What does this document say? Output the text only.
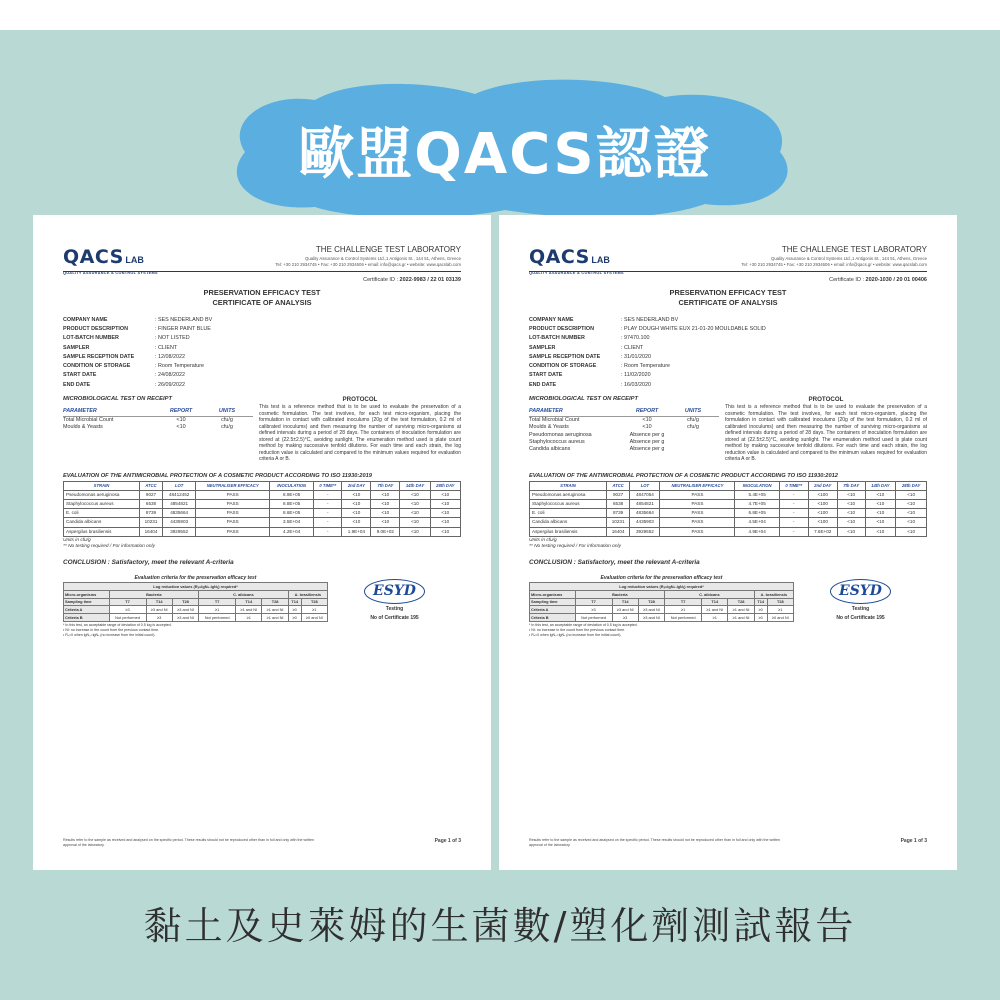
歐盟QACS認證
QACS LAB
QUALITY ASSURANCE & CONTROL SYSTEMS
THE CHALLENGE TEST LABORATORY
Quality Assurance & Control Systems Ltd.,1 Antigonis St., 144 51, Athens, Greece
Tel: +30 210 2934745 • Fax: +30 210 2934606 • email: info@qacs.gr • website: www.qacslab.com
Certificate ID : 2022-9983 / 22 01 03139
PRESERVATION EFFICACY TEST
CERTIFICATE OF ANALYSIS
COMPANY NAME	: SES NEDERLAND BV
PRODUCT DESCRIPTION	: FINGER PAINT BLUE
LOT-BATCH NUMBER	: NOT LISTED
SAMPLER	: CLIENT
SAMPLE RECEPTION DATE	: 12/08/2022
CONDITION OF STORAGE	: Room Temperature
START DATE	: 24/08/2022
END DATE	: 26/09/2022
MICROBIOLOGICAL TEST ON RECEIPT
PARAMETER	REPORT	UNITS
Total Microbial Count	<10	cfu/g
Moulds & Yeasts	<10	cfu/g
PROTOCOL
This test is a reference method that is to be used to evaluate the preservation of a cosmetic formulation. The test involves, for each test micro-organism, placing the formulation in contact with calibrated inoculums (20g of the test formulation, 0.2 ml of calibrated inoculums) and then measuring the number of surviving micro-organisms at defined intervals during a period of 28 days. The containers of inoculation formulation are stored at (22.5±2.5)°C, avoiding sunlight. The enumeration method used is plate count method by making successive tenfold dilutions. For each time and each strain, the log reduction value is calculated and compared to the minimum values required for evaluation criteria A or B.
EVALUATION OF THE ANTIMICROBIAL PROTECTION OF A COSMETIC PRODUCT ACCORDING TO ISO 11930:2019
STRAIN	ATCC	LOT	NEUTRALISER EFFICACY	INOCULATION	0 TIME**	2nd DAY	7th DAY	14th DAY	28th DAY
Pseudomonas aeruginosa	9027	48412452	PASS	8.9E+05	-	<10	<10	<10	<10
Staphylococcus aureus	6538	4854821	PASS	8.8E+05	-	<10	<10	<10	<10
E. coli	8739	4835664	PASS	8.6E+05	-	<10	<10	<10	<10
Candida albicans	10231	4435903	PASS	3.5E+04	-	<10	<10	<10	<10
Aspergilus brasiliensis	16404	3929552	PASS	4.2E+04	-	1.9E+04	9.0E+02	<10	<10
Units in cfu/g
** No testing required / For information only
CONCLUSION : Satisfactory, meet the relevant A-criteria
Evaluation criteria for the preservation efficacy test
Log reduction values (Rₓ=lgN₀-lgNₓ) required*								
Micro-organisms	Bacteria			C. albicans			A. brasiliensis	
Sampling time	T7	T14	T28	T7	T14	T28	T14	T28
Criteria A	≥3	≥3 and NI	≥3 and NI	≥1	≥1 and NI	≥1 and NI	≥0	≥1
Criteria B	Not performed	≥3	≥3 and NI	Not performed	≥1	≥1 and NI	≥0	≥0 and NI
* In this test, an acceptable range of deviation of 0.5 log is accepted.
• NI: no increase in the count from the previous contact time.
• Rₓ=0 when lgN₀=lgNₓ (no increase from the initial count).
ESYD
Testing
No of Certificate 195
Results refer to the sample as received and analysed on the specific period. These results should not be reproduced other than in full and only with the written approval of the laboratory.
Page 1 of 3
QACS LAB
QUALITY ASSURANCE & CONTROL SYSTEMS
THE CHALLENGE TEST LABORATORY
Quality Assurance & Control Systems Ltd.,1 Antigonis St., 144 51, Athens, Greece
Tel: +30 210 2934745 • Fax: +30 210 2934606 • email: info@qacs.gr • website: www.qacslab.com
Certificate ID : 2020-1030 / 20 01 00406
PRESERVATION EFFICACY TEST
CERTIFICATE OF ANALYSIS
COMPANY NAME	: SES NEDERLAND BV
PRODUCT DESCRIPTION	: PLAY DOUGH WHITE EUX 21-01-20 MOULDABLE SOLID
LOT-BATCH NUMBER	: 97470.100
SAMPLER	: CLIENT
SAMPLE RECEPTION DATE	: 31/01/2020
CONDITION OF STORAGE	: Room Temperature
START DATE	: 11/02/2020
END DATE	: 16/03/2020
MICROBIOLOGICAL TEST ON RECEIPT
PARAMETER	REPORT	UNITS
Total Microbial Count	<10	cfu/g
Moulds & Yeasts	<10	cfu/g
Pseudomonas aeruginosa	Absence per g
Staphylococcus aureus	Absence per g
Candida albicans	Absence per g
PROTOCOL
This test is a reference method that is to be used to evaluate the preservation of a cosmetic formulation. The test involves, for each test micro-organism, placing the formulation in contact with calibrated inoculums (20g of the test formulation, 0.2 ml of calibrated inoculums) and then measuring the number of surviving micro-organisms at defined intervals during a period of 28 days. The containers of inoculation formulation are stored at (22.5±2.5)°C, avoiding sunlight. The enumeration method used is plate count method by making successive tenfold dilutions. For each time and each strain, the log reduction value is calculated and compared to the minimum values required for evaluation criteria A or B.
EVALUATION OF THE ANTIMICROBIAL PROTECTION OF A COSMETIC PRODUCT ACCORDING TO ISO 11930:2012
STRAIN	ATCC	LOT	NEUTRALISER EFFICACY	INOCULATION	0 TIME**	2nd DAY	7th DAY	14th DAY	28th DAY
Pseudomonas aeruginosa	9027	4847054	PASS	5.4E+05	-	<100	<10	<10	<10
Staphylococcus aureus	6538	4854821	PASS	4.7E+05	-	<100	<10	<10	<10
E. coli	8739	4835664	PASS	6.8E+05	-	<100	<10	<10	<10
Candida albicans	10231	4435903	PASS	4.5E+04	-	<100	<10	<10	<10
Aspergilus brasiliensis	16404	3929552	PASS	4.9E+04	-	7.6E+02	<10	<10	<10
Units in cfu/g
** No testing required / For information only
CONCLUSION : Satisfactory, meet the relevant A-criteria
Evaluation criteria for the preservation efficacy test
Log reduction values (Rₓ=lgN₀-lgNₓ) required*								
Micro-organisms	Bacteria			C. albicans			A. brasiliensis	
Sampling time	T7	T14	T28	T7	T14	T28	T14	T28
Criteria A	≥3	≥3 and NI	≥3 and NI	≥1	≥1 and NI	≥1 and NI	≥0	≥1
Criteria B	Not performed	≥3	≥3 and NI	Not performed	≥1	≥1 and NI	≥0	≥0 and NI
* In this test, an acceptable range of deviation of 0.5 log is accepted.
• NI: no increase in the count from the previous contact time.
• Rₓ=0 when lgN₀=lgNₓ (no increase from the initial count).
ESYD
Testing
No of Certificate 195
Results refer to the sample as received and analysed on the specific period. These results should not be reproduced other than in full and only with the written approval of the laboratory.
Page 1 of 3
黏土及史萊姆的生菌數/塑化劑測試報告
